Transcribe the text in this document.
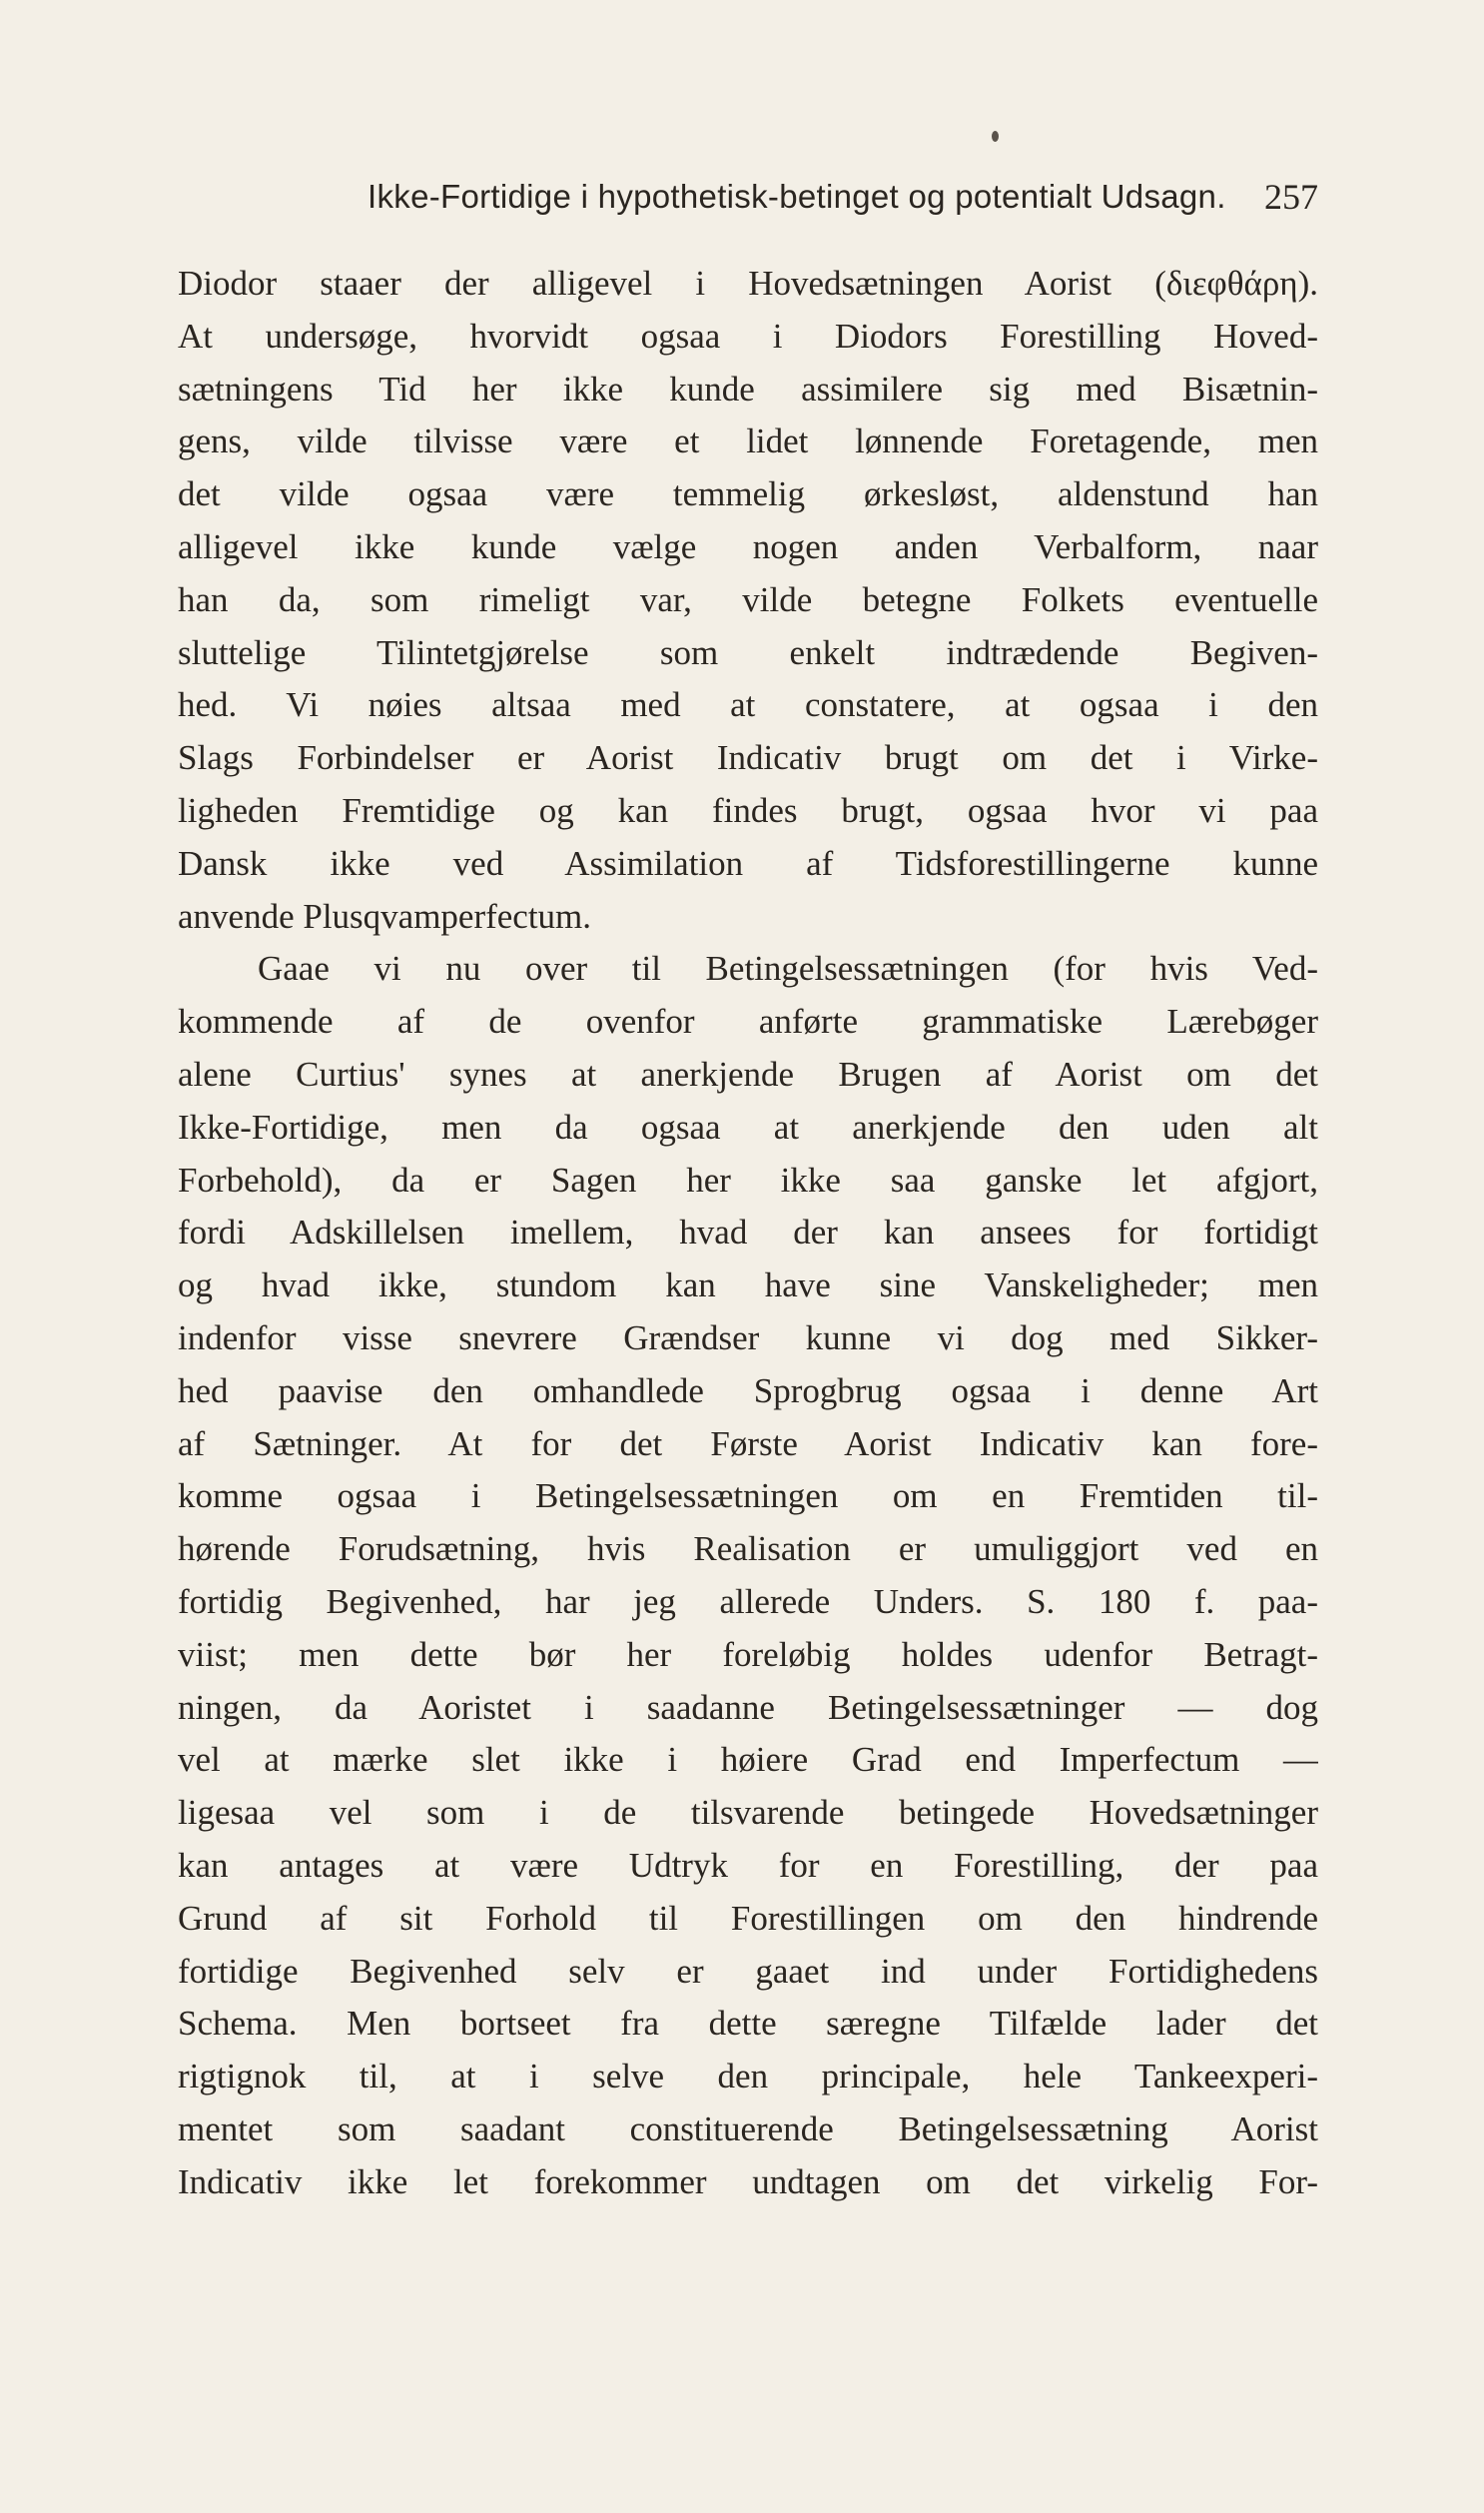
Ikke-Fortidige i hypothetisk-betinget og potentialt Udsagn. 257
Diodor staaer der alligevel i Hovedsætningen Aorist (διεφθάρη).
At undersøge, hvorvidt ogsaa i Diodors Forestilling Hoved-
sætningens Tid her ikke kunde assimilere sig med Bisætnin-
gens, vilde tilvisse være et lidet lønnende Foretagende, men
det vilde ogsaa være temmelig ørkesløst, aldenstund han
alligevel ikke kunde vælge nogen anden Verbalform, naar
han da, som rimeligt var, vilde betegne Folkets eventuelle
sluttelige Tilintetgjørelse som enkelt indtrædende Begiven-
hed. Vi nøies altsaa med at constatere, at ogsaa i den
Slags Forbindelser er Aorist Indicativ brugt om det i Virke-
ligheden Fremtidige og kan findes brugt, ogsaa hvor vi paa
Dansk ikke ved Assimilation af Tidsforestillingerne kunne
anvende Plusqvamperfectum.
Gaae vi nu over til Betingelsessætningen (for hvis Ved-
kommende af de ovenfor anførte grammatiske Lærebøger
alene Curtius' synes at anerkjende Brugen af Aorist om det
Ikke-Fortidige, men da ogsaa at anerkjende den uden alt
Forbehold), da er Sagen her ikke saa ganske let afgjort,
fordi Adskillelsen imellem, hvad der kan ansees for fortidigt
og hvad ikke, stundom kan have sine Vanskeligheder; men
indenfor visse snevrere Grændser kunne vi dog med Sikker-
hed paavise den omhandlede Sprogbrug ogsaa i denne Art
af Sætninger. At for det Første Aorist Indicativ kan fore-
komme ogsaa i Betingelsessætningen om en Fremtiden til-
hørende Forudsætning, hvis Realisation er umuliggjort ved en
fortidig Begivenhed, har jeg allerede Unders. S. 180 f. paa-
viist; men dette bør her foreløbig holdes udenfor Betragt-
ningen, da Aoristet i saadanne Betingelsessætninger — dog
vel at mærke slet ikke i høiere Grad end Imperfectum —
ligesaa vel som i de tilsvarende betingede Hovedsætninger
kan antages at være Udtryk for en Forestilling, der paa
Grund af sit Forhold til Forestillingen om den hindrende
fortidige Begivenhed selv er gaaet ind under Fortidighedens
Schema. Men bortseet fra dette særegne Tilfælde lader det
rigtignok til, at i selve den principale, hele Tankeexperi-
mentet som saadant constituerende Betingelsessætning Aorist
Indicativ ikke let forekommer undtagen om det virkelig For-
